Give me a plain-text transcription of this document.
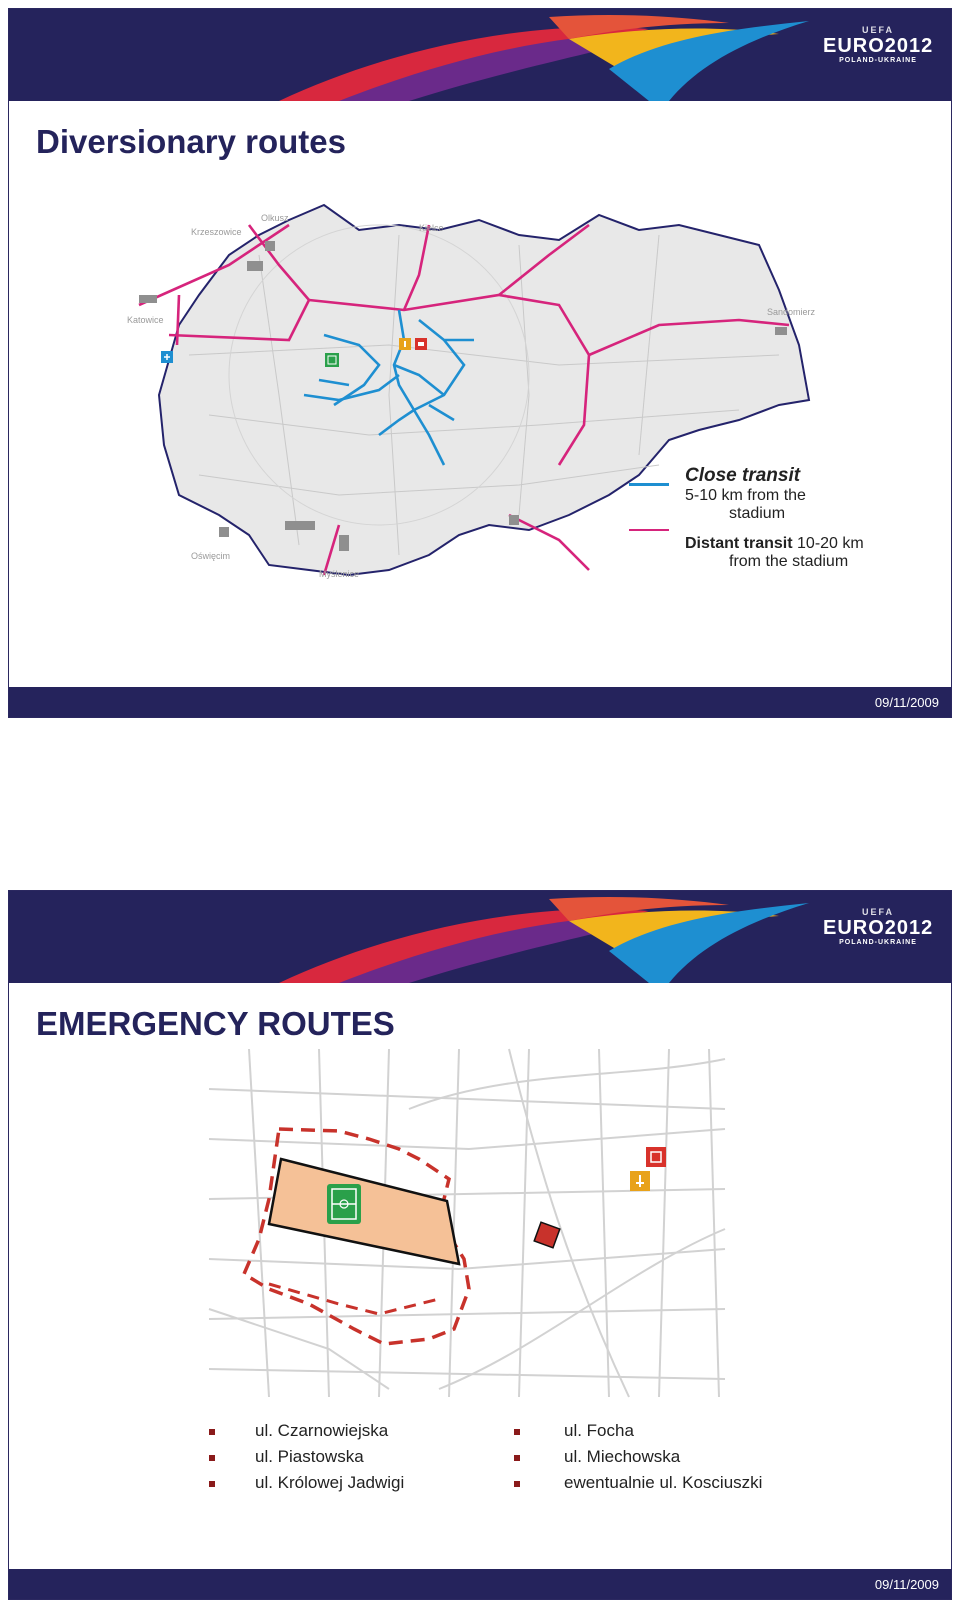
UEFA
EURO2012
POLAND-UKRAINE
Diversionary routes
Krzeszowice
Olkusz
Kielce
Katowice
Sandomierz
Oświęcim
Myślenice
Close transit
5-10 km from the
stadium
Distant transit 10-20 km
from the stadium
09/11/2009
UEFA
EURO2012
POLAND-UKRAINE
EMERGENCY ROUTES
ul. Czarnowiejska
ul. Piastowska
ul. Królowej Jadwigi
ul. Focha
ul. Miechowska
ewentualnie ul. Kosciuszki
09/11/2009
